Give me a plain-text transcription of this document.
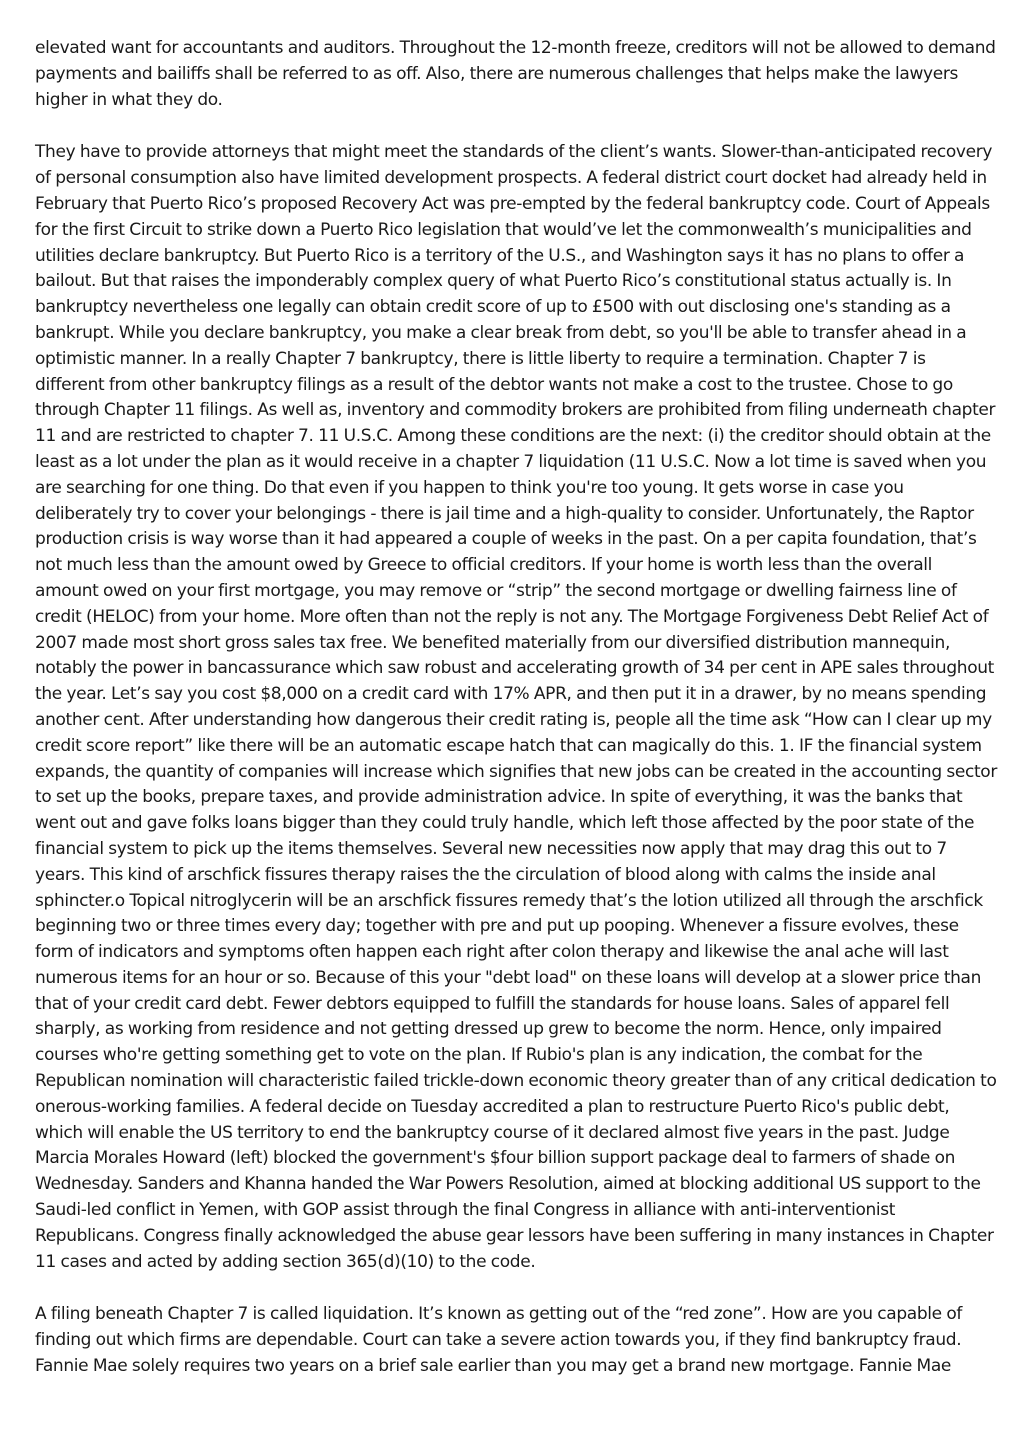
elevated want for accountants and auditors. Throughout the 12-month freeze, creditors will not be allowed to demand payments and bailiffs shall be referred to as off. Also, there are numerous challenges that helps make the lawyers higher in what they do.

They have to provide attorneys that might meet the standards of the client’s wants. Slower-than-anticipated recovery of personal consumption also have limited development prospects. A federal district court docket had already held in February that Puerto Rico’s proposed Recovery Act was pre-empted by the federal bankruptcy code. Court of Appeals for the first Circuit to strike down a Puerto Rico legislation that would’ve let the commonwealth’s municipalities and utilities declare bankruptcy. But Puerto Rico is a territory of the U.S., and Washington says it has no plans to offer a bailout. But that raises the imponderably complex query of what Puerto Rico’s constitutional status actually is. In bankruptcy nevertheless one legally can obtain credit score of up to £500 with out disclosing one's standing as a bankrupt. While you declare bankruptcy, you make a clear break from debt, so you'll be able to transfer ahead in a optimistic manner. In a really Chapter 7 bankruptcy, there is little liberty to require a termination. Chapter 7 is different from other bankruptcy filings as a result of the debtor wants not make a cost to the trustee. Chose to go through Chapter 11 filings. As well as, inventory and commodity brokers are prohibited from filing underneath chapter 11 and are restricted to chapter 7. 11 U.S.C. Among these conditions are the next: (i) the creditor should obtain at the least as a lot under the plan as it would receive in a chapter 7 liquidation (11 U.S.C. Now a lot time is saved when you are searching for one thing. Do that even if you happen to think you're too young. It gets worse in case you deliberately try to cover your belongings - there is jail time and a high-quality to consider. Unfortunately, the Raptor production crisis is way worse than it had appeared a couple of weeks in the past. On a per capita foundation, that’s not much less than the amount owed by Greece to official creditors. If your home is worth less than the overall amount owed on your first mortgage, you may remove or “strip” the second mortgage or dwelling fairness line of credit (HELOC) from your home. More often than not the reply is not any. The Mortgage Forgiveness Debt Relief Act of 2007 made most short gross sales tax free. We benefited materially from our diversified distribution mannequin, notably the power in bancassurance which saw robust and accelerating growth of 34 per cent in APE sales throughout the year. Let’s say you cost $8,000 on a credit card with 17% APR, and then put it in a drawer, by no means spending another cent. After understanding how dangerous their credit rating is, people all the time ask “How can I clear up my credit score report” like there will be an automatic escape hatch that can magically do this. 1. IF the financial system expands, the quantity of companies will increase which signifies that new jobs can be created in the accounting sector to set up the books, prepare taxes, and provide administration advice. In spite of everything, it was the banks that went out and gave folks loans bigger than they could truly handle, which left those affected by the poor state of the financial system to pick up the items themselves. Several new necessities now apply that may drag this out to 7 years. This kind of arschfick fissures therapy raises the the circulation of blood along with calms the inside anal sphincter.o Topical nitroglycerin will be an arschfick fissures remedy that’s the lotion utilized all through the arschfick beginning two or three times every day; together with pre and put up pooping. Whenever a fissure evolves, these form of indicators and symptoms often happen each right after colon therapy and likewise the anal ache will last numerous items for an hour or so. Because of this your "debt load" on these loans will develop at a slower price than that of your credit card debt. Fewer debtors equipped to fulfill the standards for house loans. Sales of apparel fell sharply, as working from residence and not getting dressed up grew to become the norm. Hence, only impaired courses who're getting something get to vote on the plan. If Rubio's plan is any indication, the combat for the Republican nomination will characteristic failed trickle-down economic theory greater than of any critical dedication to onerous-working families. A federal decide on Tuesday accredited a plan to restructure Puerto Rico's public debt, which will enable the US territory to end the bankruptcy course of it declared almost five years in the past. Judge Marcia Morales Howard (left) blocked the government's $four billion support package deal to farmers of shade on Wednesday. Sanders and Khanna handed the War Powers Resolution, aimed at blocking additional US support to the Saudi-led conflict in Yemen, with GOP assist through the final Congress in alliance with anti-interventionist Republicans. Congress finally acknowledged the abuse gear lessors have been suffering in many instances in Chapter 11 cases and acted by adding section 365(d)(10) to the code.

A filing beneath Chapter 7 is called liquidation. It’s known as getting out of the “red zone”. How are you capable of finding out which firms are dependable. Court can take a severe action towards you, if they find bankruptcy fraud. Fannie Mae solely requires two years on a brief sale earlier than you may get a brand new mortgage. Fannie Mae
